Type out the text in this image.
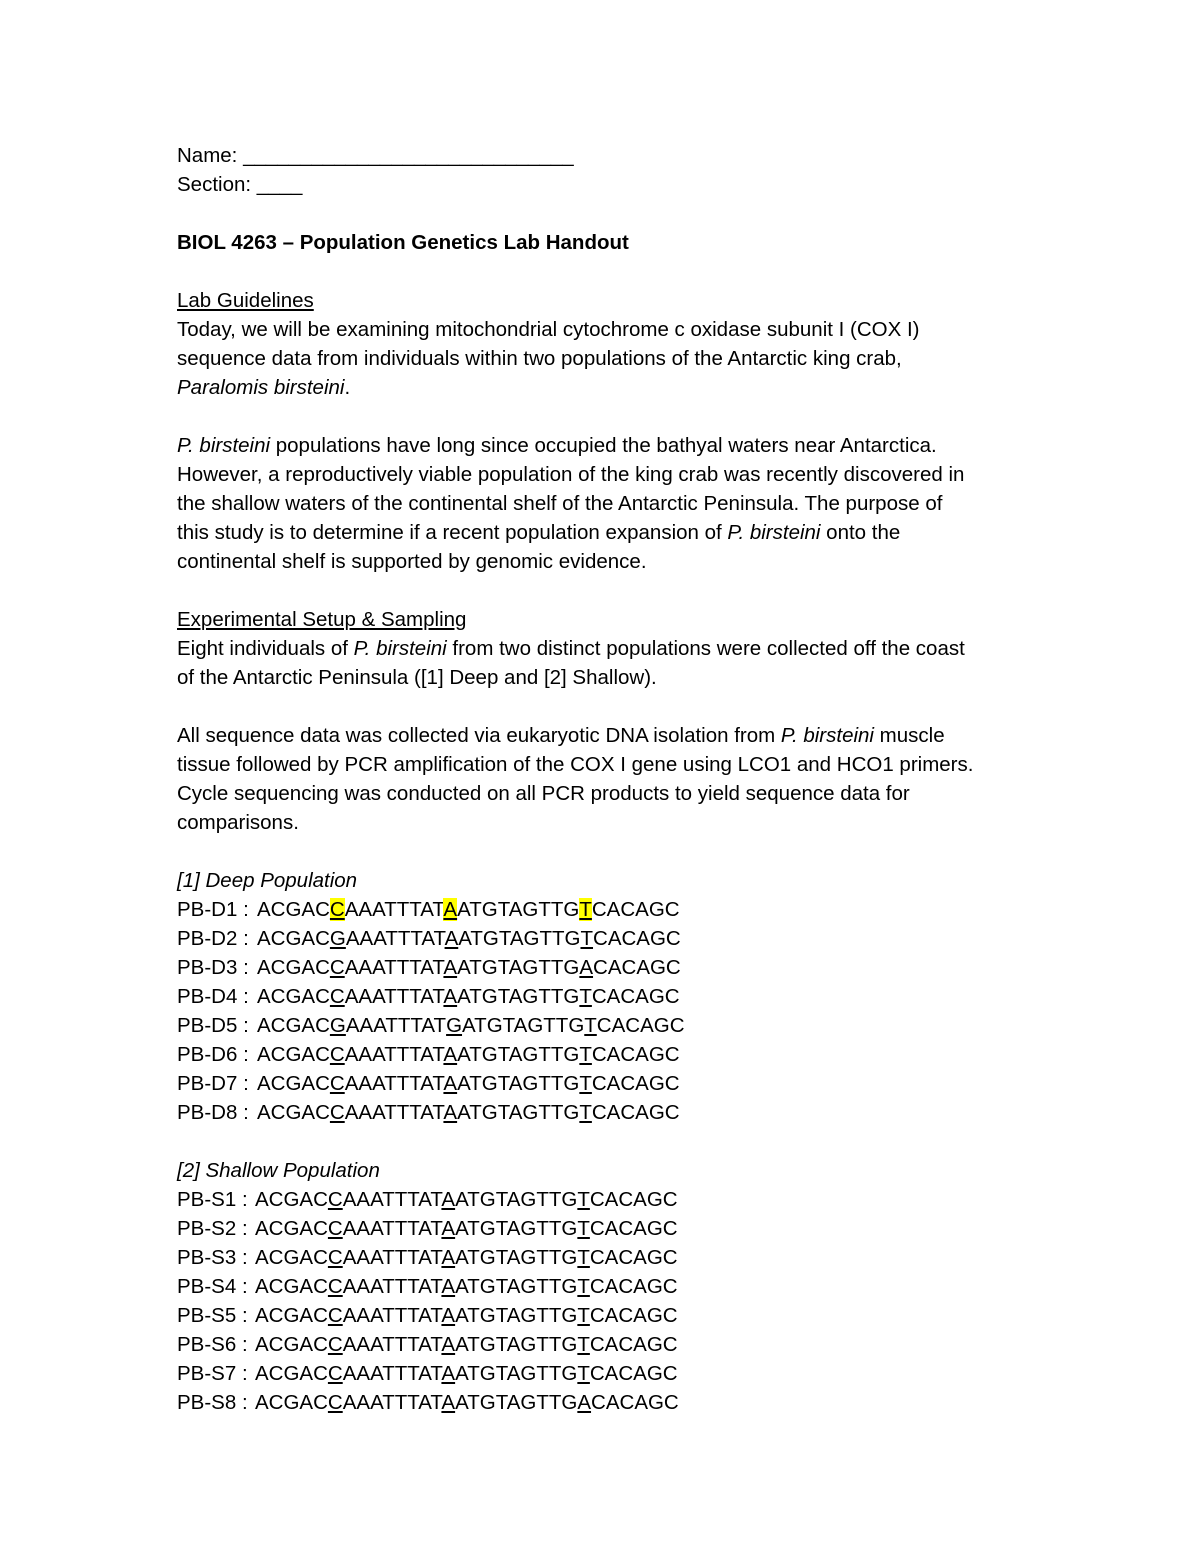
Name: _____________________________
Section: ____
BIOL 4263 – Population Genetics Lab Handout
Lab Guidelines
Today, we will be examining mitochondrial cytochrome c oxidase subunit I (COX I)
sequence data from individuals within two populations of the Antarctic king crab,
Paralomis birsteini.
P. birsteini populations have long since occupied the bathyal waters near Antarctica.
However, a reproductively viable population of the king crab was recently discovered in
the shallow waters of the continental shelf of the Antarctic Peninsula. The purpose of
this study is to determine if a recent population expansion of P. birsteini onto the
continental shelf is supported by genomic evidence.
Experimental Setup & Sampling
Eight individuals of P. birsteini from two distinct populations were collected off the coast
of the Antarctic Peninsula ([1] Deep and [2] Shallow).
All sequence data was collected via eukaryotic DNA isolation from P. birsteini muscle
tissue followed by PCR amplification of the COX I gene using LCO1 and HCO1 primers.
Cycle sequencing was conducted on all PCR products to yield sequence data for
comparisons.
[1] Deep Population
PB-D1 : ACGACCAAATTTATAATGTAGTTGTCACAGC
PB-D2 : ACGACGAAATTTATAATGTAGTTGTCACAGC
PB-D3 : ACGACCAAATTTATAATGTAGTTGACACAGC
PB-D4 : ACGACCAAATTTATAATGTAGTTGTCACAGC
PB-D5 : ACGACGAAATTTATGATGTAGTTGTCACAGC
PB-D6 : ACGACCAAATTTATAATGTAGTTGTCACAGC
PB-D7 : ACGACCAAATTTATAATGTAGTTGTCACAGC
PB-D8 : ACGACCAAATTTATAATGTAGTTGTCACAGC
[2] Shallow Population
PB-S1 : ACGACCAAATTTATAATGTAGTTGTCACAGC
PB-S2 : ACGACCAAATTTATAATGTAGTTGTCACAGC
PB-S3 : ACGACCAAATTTATAATGTAGTTGTCACAGC
PB-S4 : ACGACCAAATTTATAATGTAGTTGTCACAGC
PB-S5 : ACGACCAAATTTATAATGTAGTTGTCACAGC
PB-S6 : ACGACCAAATTTATAATGTAGTTGTCACAGC
PB-S7 : ACGACCAAATTTATAATGTAGTTGTCACAGC
PB-S8 : ACGACCAAATTTATAATGTAGTTGACACAGC
